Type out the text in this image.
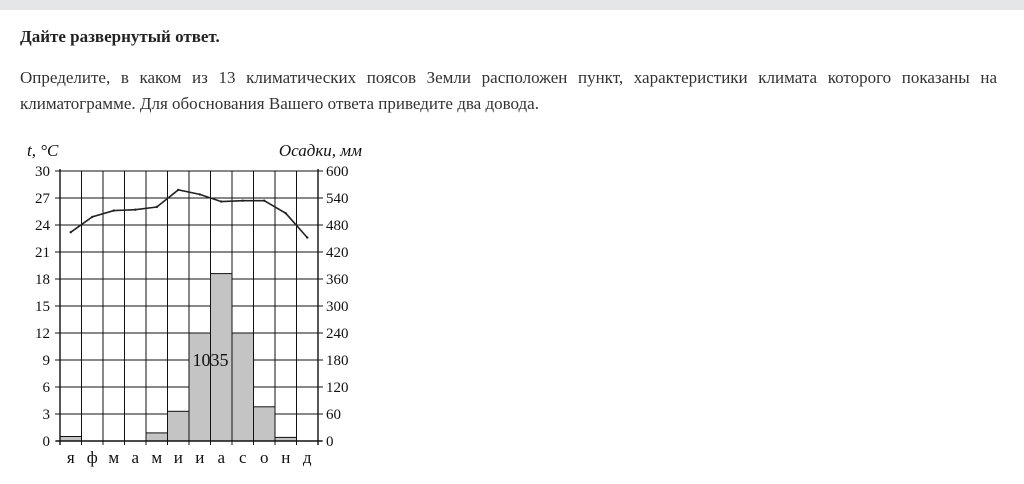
Дайте развернутый ответ.
Определите, в каком из 13 климатических поясов Земли расположен пункт, характеристики климата которого показаны на климатограмме. Для обоснования Вашего ответа приведите два довода.
0	0
3	60
6	120
9	180
12	240
15	300
18	360
21	420
24	480
27	540
30	600
я ф м а м и и а с о н д
t, °C	Осадки, мм
1035
